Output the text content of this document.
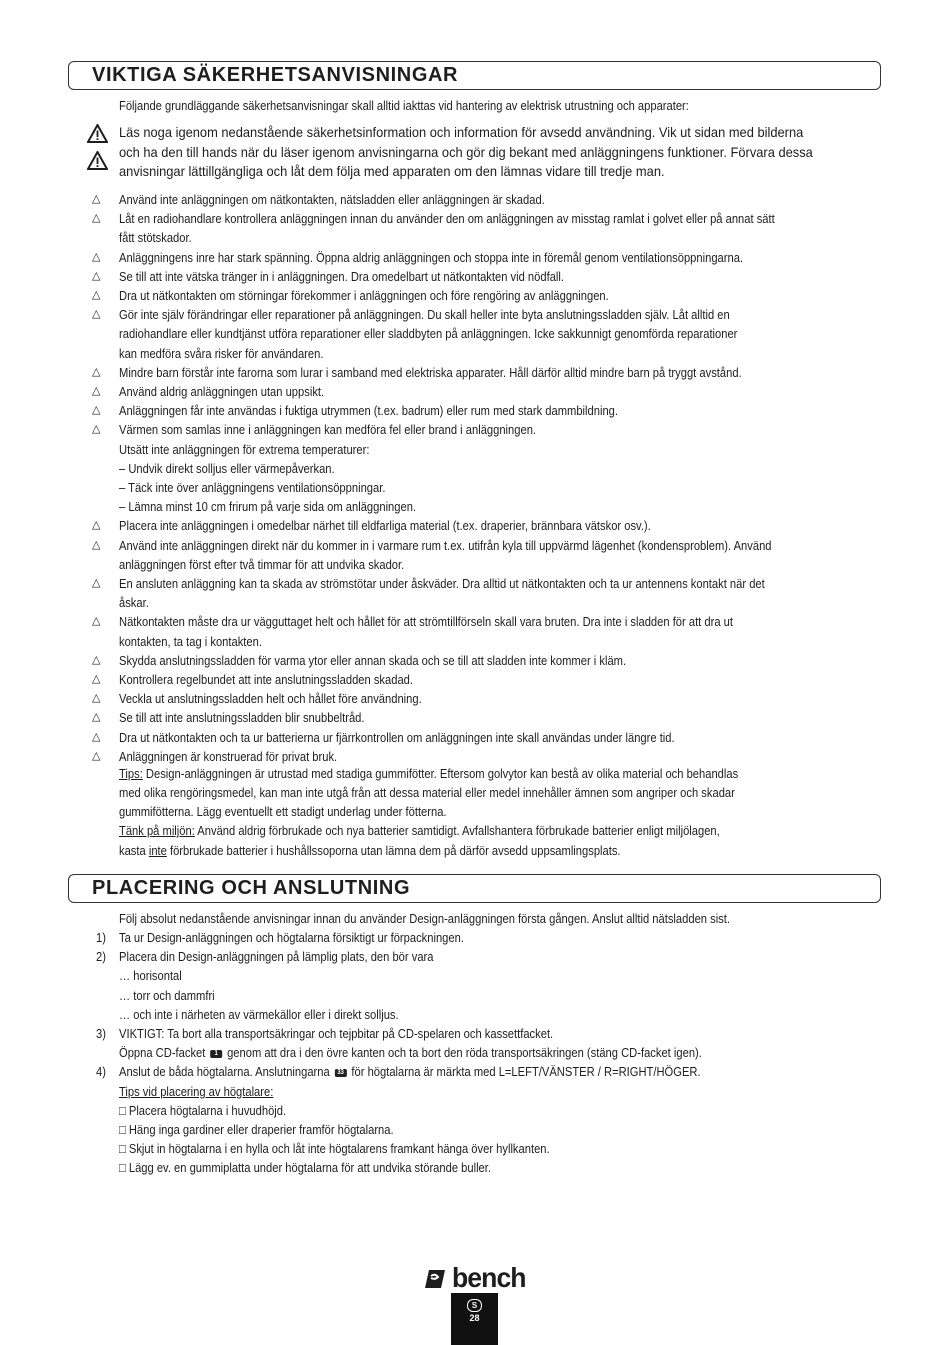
VIKTIGA SÄKERHETSANVISNINGAR
Följande grundläggande säkerhetsanvisningar skall alltid iakttas vid hantering av elektrisk utrustning och apparater:
Läs noga igenom nedanstående säkerhetsinformation och information för avsedd användning. Vik ut sidan med bilderna
och ha den till hands när du läser igenom anvisningarna och gör dig bekant med anläggningens funktioner. Förvara dessa
anvisningar lättillgängliga och låt dem följa med apparaten om den lämnas vidare till tredje man.
△ Använd inte anläggningen om nätkontakten, nätsladden eller anläggningen är skadad.
△ Låt en radiohandlare kontrollera anläggningen innan du använder den om anläggningen av misstag ramlat i golvet eller på annat sätt
fått stötskador.
△ Anläggningens inre har stark spänning. Öppna aldrig anläggningen och stoppa inte in föremål genom ventilationsöppningarna.
△ Se till att inte vätska tränger in i anläggningen. Dra omedelbart ut nätkontakten vid nödfall.
△ Dra ut nätkontakten om störningar förekommer i anläggningen och före rengöring av anläggningen.
△ Gör inte själv förändringar eller reparationer på anläggningen. Du skall heller inte byta anslutningssladden själv. Låt alltid en
radiohandlare eller kundtjänst utföra reparationer eller sladdbyten på anläggningen. Icke sakkunnigt genomförda reparationer
kan medföra svåra risker för användaren.
△ Mindre barn förstår inte farorna som lurar i samband med elektriska apparater. Håll därför alltid mindre barn på tryggt avstånd.
△ Använd aldrig anläggningen utan uppsikt.
△ Anläggningen får inte användas i fuktiga utrymmen (t.ex. badrum) eller rum med stark dammbildning.
△ Värmen som samlas inne i anläggningen kan medföra fel eller brand i anläggningen.
Utsätt inte anläggningen för extrema temperaturer:
– Undvik direkt solljus eller värmepåverkan.
– Täck inte över anläggningens ventilationsöppningar.
– Lämna minst 10 cm frirum på varje sida om anläggningen.
△ Placera inte anläggningen i omedelbar närhet till eldfarliga material (t.ex. draperier, brännbara vätskor osv.).
△ Använd inte anläggningen direkt när du kommer in i varmare rum t.ex. utifrån kyla till uppvärmd lägenhet (kondensproblem). Använd
anläggningen först efter två timmar för att undvika skador.
△ En ansluten anläggning kan ta skada av strömstötar under åskväder. Dra alltid ut nätkontakten och ta ur antennens kontakt när det
åskar.
△ Nätkontakten måste dra ur vägguttaget helt och hållet för att strömtillförseln skall vara bruten. Dra inte i sladden för att dra ut
kontakten, ta tag i kontakten.
△ Skydda anslutningssladden för varma ytor eller annan skada och se till att sladden inte kommer i kläm.
△ Kontrollera regelbundet att inte anslutningssladden skadad.
△ Veckla ut anslutningssladden helt och hållet före användning.
△ Se till att inte anslutningssladden blir snubbeltråd.
△ Dra ut nätkontakten och ta ur batterierna ur fjärrkontrollen om anläggningen inte skall användas under längre tid.
△ Anläggningen är konstruerad för privat bruk.
Tips: Design-anläggningen är utrustad med stadiga gummifötter. Eftersom golvytor kan bestå av olika material och behandlas
med olika rengöringsmedel, kan man inte utgå från att dessa material eller medel innehåller ämnen som angriper och skadar
gummifötterna. Lägg eventuellt ett stadigt underlag under fötterna.
Tänk på miljön: Använd aldrig förbrukade och nya batterier samtidigt. Avfallshantera förbrukade batterier enligt miljölagen,
kasta inte förbrukade batterier i hushållssoporna utan lämna dem på därför avsedd uppsamlingsplats.
PLACERING OCH ANSLUTNING
Följ absolut nedanstående anvisningar innan du använder Design-anläggningen första gången. Anslut alltid nätsladden sist.
1) Ta ur Design-anläggningen och högtalarna försiktigt ur förpackningen.
2) Placera din Design-anläggningen på lämplig plats, den bör vara
… horisontal
… torr och dammfri
… och inte i närheten av värmekällor eller i direkt solljus.
3) VIKTIGT: Ta bort alla transportsäkringar och tejpbitar på CD-spelaren och kassettfacket.
Öppna CD-facket 1 genom att dra i den övre kanten och ta bort den röda transportsäkringen (stäng CD-facket igen).
4) Anslut de båda högtalarna. Anslutningarna 33 för högtalarna är märkta med L=LEFT/VÄNSTER / R=RIGHT/HÖGER.
Tips vid placering av högtalare:
□ Placera högtalarna i huvudhöjd.
□ Häng inga gardiner eller draperier framför högtalarna.
□ Skjut in högtalarna i en hylla och låt inte högtalarens framkant hänga över hyllkanten.
□ Lägg ev. en gummiplatta under högtalarna för att undvika störande buller.
bench
S
28
